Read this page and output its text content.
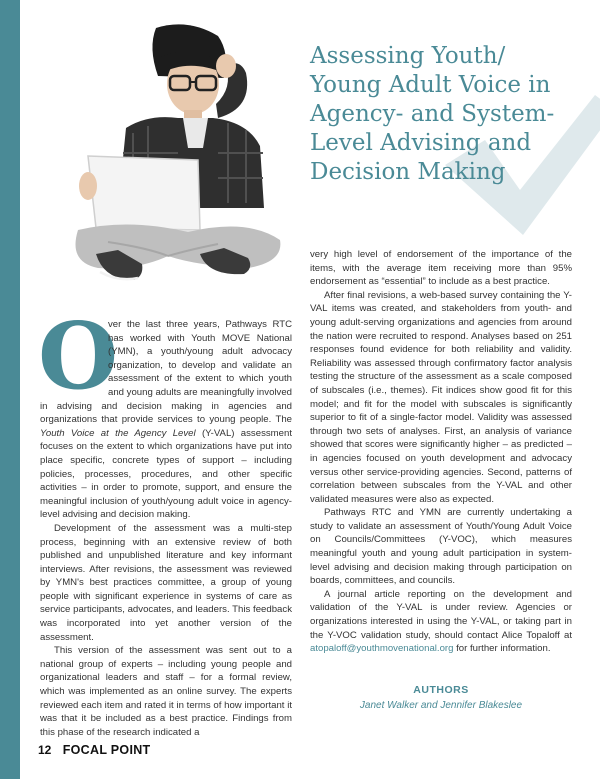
Assessing Youth/ Young Adult Voice in Agency- and System-Level Advising and Decision Making

O
ver the last three years, Pathways RTC has worked with Youth MOVE National (YMN), a youth/young adult advocacy organization, to develop and validate an assessment of the extent to which youth and young adults are meaningfully involved in advising and decision making in agencies and organizations that provide services to young people. The Youth Voice at the Agency Level (Y-VAL) assessment focuses on the extent to which organizations have put into place specific, concrete types of support – including policies, processes, procedures, and other specific activities – in order to promote, support, and ensure the meaningful inclusion of youth/young adult voice in agency-level advising and decision making.

Development of the assessment was a multi-step process, beginning with an extensive review of both published and unpublished literature and key informant interviews. After revisions, the assessment was reviewed by YMN's best practices committee, a group of young people with significant experience in systems of care as service participants, advocates, and leaders. This feedback was incorporated into yet another version of the assessment.

This version of the assessment was sent out to a national group of experts – including young people and organizational leaders and staff – for a formal review, which was implemented as an online survey. The experts reviewed each item and rated it in terms of how important it was that it be included as a best practice. Findings from this phase of the research indicated a

very high level of endorsement of the importance of the items, with the average item receiving more than 95% endorsement as “essential” to include as a best practice.

After final revisions, a web-based survey containing the Y-VAL items was created, and stakeholders from youth- and young adult-serving organizations and agencies from around the nation were recruited to respond. Analyses based on 251 responses found evidence for both reliability and validity. Reliability was assessed through confirmatory factor analysis testing the structure of the assessment as a scale composed of subscales (i.e., themes). Fit indices show good fit for this model; and fit for the model with subscales is significantly superior to fit of a single-factor model. Validity was assessed through two sets of analyses. First, an analysis of variance showed that scores were significantly higher – as predicted – in agencies focused on youth development and advocacy versus other service-providing agencies. Second, patterns of correlation between subscales from the Y-VAL and other validated measures were also as expected.

Pathways RTC and YMN are currently undertaking a study to validate an assessment of Youth/Young Adult Voice on Councils/Committees (Y-VOC), which measures meaningful youth and young adult participation in system-level advising and decision making through participation on boards, committees, and councils.

A journal article reporting on the development and validation of the Y-VAL is under review. Agencies or organizations interested in using the Y-VAL, or taking part in the Y-VOC validation study, should contact Alice Topaloff at atopaloff@youthmovenational.org for further information.

AUTHORS
Janet Walker and Jennifer Blakeslee
12 FOCAL POINT
